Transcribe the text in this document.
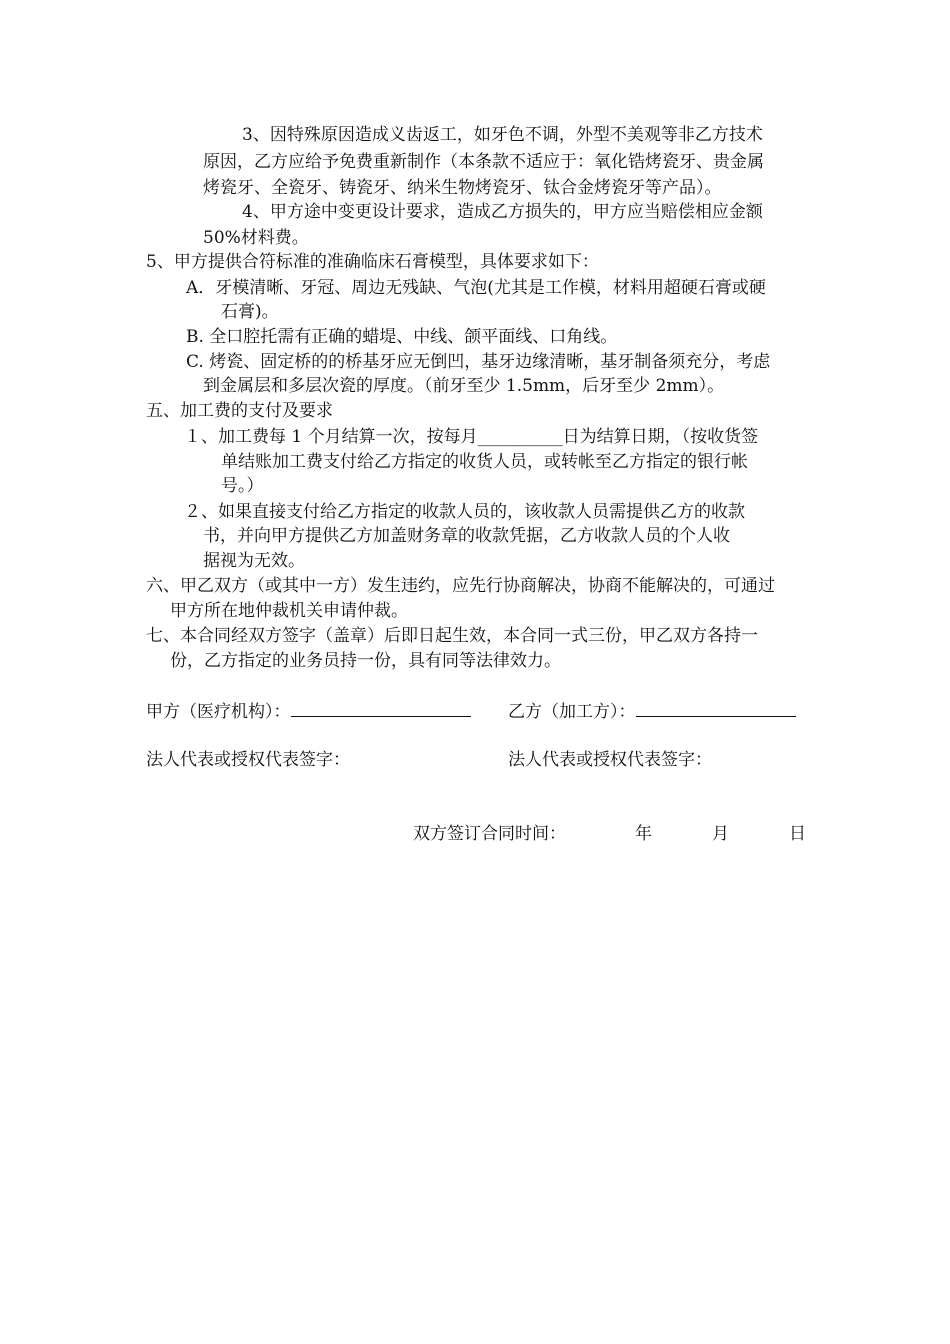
3、因特殊原因造成义齿返工，如牙色不调，外型不美观等非乙方技术
原因，乙方应给予免费重新制作（本条款不适应于：氧化锆烤瓷牙、贵金属
烤瓷牙、全瓷牙、铸瓷牙、纳米生物烤瓷牙、钛合金烤瓷牙等产品）。
4、甲方途中变更设计要求，造成乙方损失的，甲方应当赔偿相应金额
50%材料费。
5、甲方提供合符标准的准确临床石膏模型，具体要求如下：
A．牙模清晰、牙冠、周边无残缺、气泡(尤其是工作模，材料用超硬石膏或硬
石膏)。
B. 全口腔托需有正确的蜡堤、中线、颌平面线、口角线。
C. 烤瓷、固定桥的的桥基牙应无倒凹，基牙边缘清晰，基牙制备须充分，考虑
到金属层和多层次瓷的厚度。（前牙至少 1.5mm，后牙至少 2mm）。
五、加工费的支付及要求
１、加工费每 1 个月结算一次，按每月__________日为结算日期，（按收货签
单结账加工费支付给乙方指定的收货人员，或转帐至乙方指定的银行帐
号。）
２、如果直接支付给乙方指定的收款人员的，该收款人员需提供乙方的收款
书，并向甲方提供乙方加盖财务章的收款凭据，乙方收款人员的个人收
据视为无效。
六、甲乙双方（或其中一方）发生违约，应先行协商解决，协商不能解决的，可通过
甲方所在地仲裁机关申请仲裁。
七、本合同经双方签字（盖章）后即日起生效，本合同一式三份，甲乙双方各持一
份，乙方指定的业务员持一份，具有同等法律效力。
甲方（医疗机构）：	乙方（加工方）：
法人代表或授权代表签字：	法人代表或授权代表签字：
双方签订合同时间：	年	月	日
